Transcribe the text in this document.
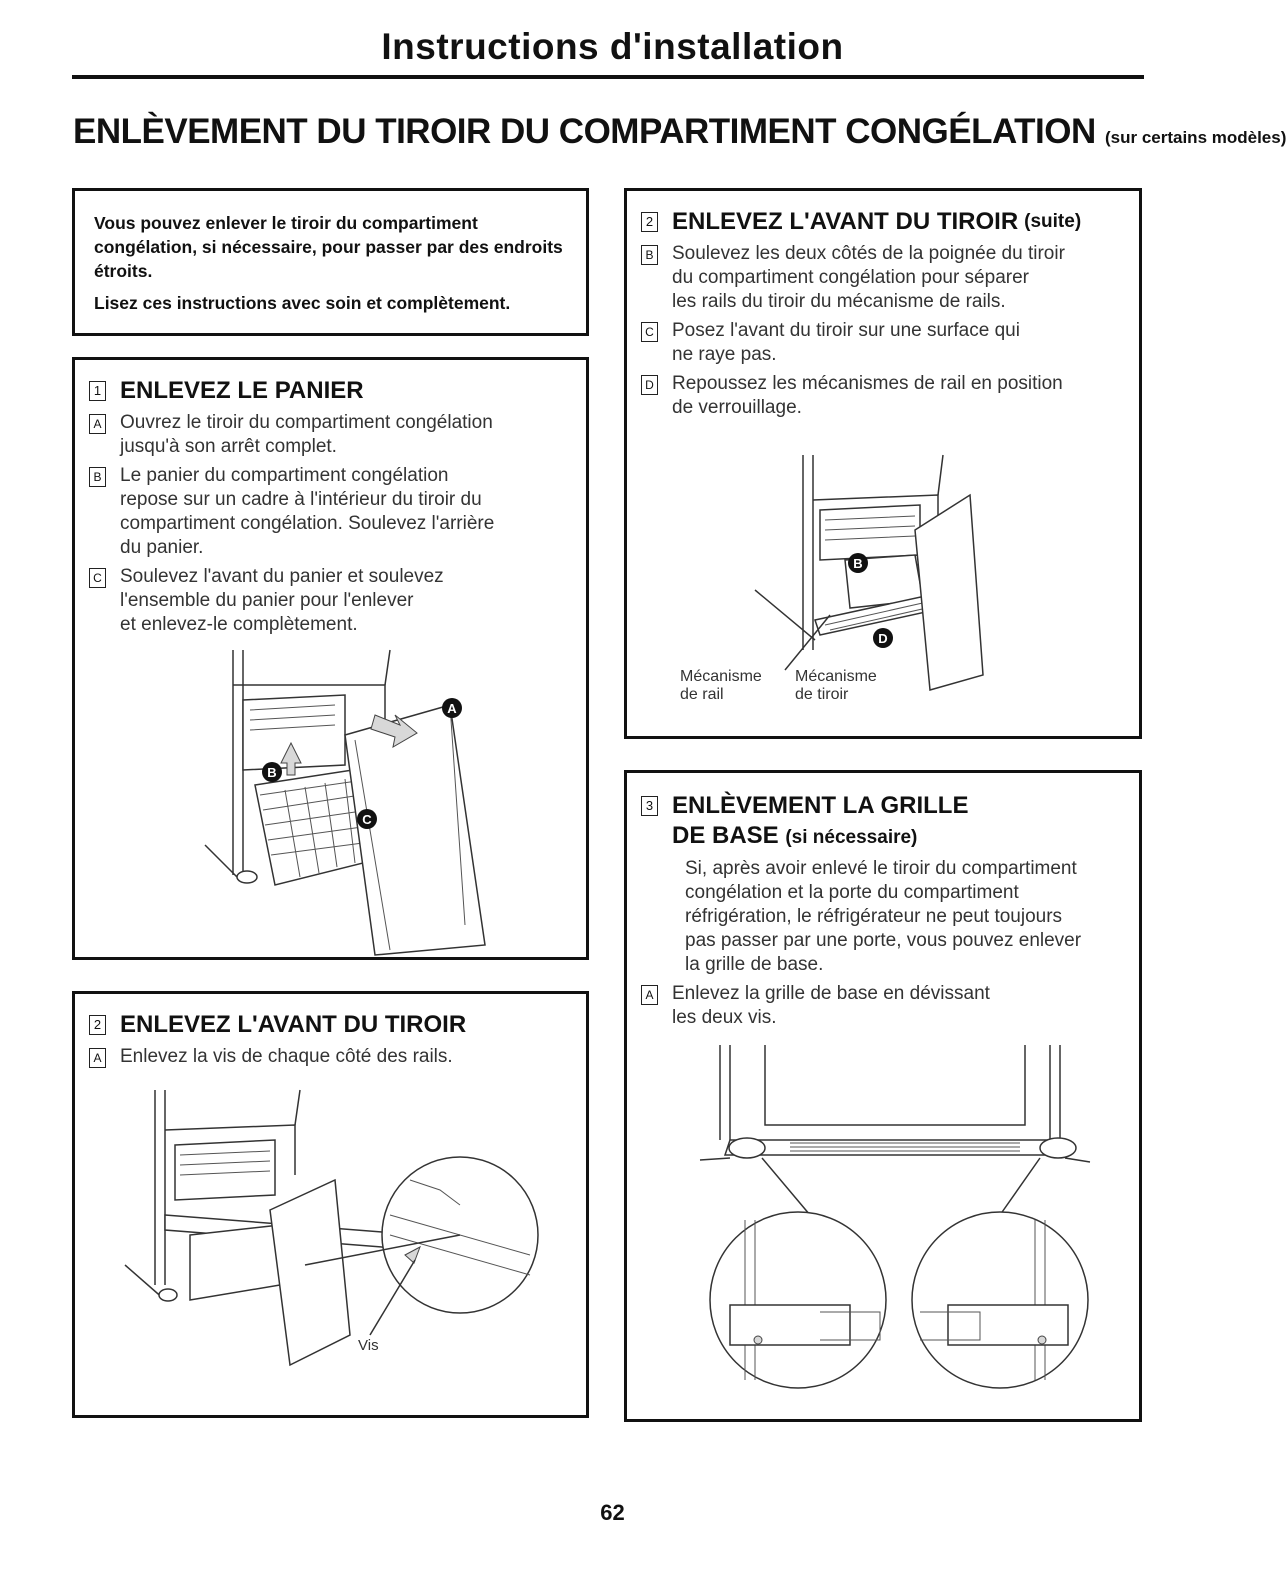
Instructions d'installation
ENLÈVEMENT DU TIROIR DU COMPARTIMENT CONGÉLATION (sur certains modèles)

Vous pouvez enlever le tiroir du compartiment congélation, si nécessaire, pour passer par des endroits étroits.

Lisez ces instructions avec soin et complètement.

1 ENLEVEZ LE PANIER
A Ouvrez le tiroir du compartiment congélation
jusqu'à son arrêt complet.
B Le panier du compartiment congélation
repose sur un cadre à l'intérieur du tiroir du
compartiment congélation. Soulevez l'arrière
du panier.
C Soulevez l'avant du panier et soulevez
l'ensemble du panier pour l'enlever
et enlevez-le complètement.
A
B
C
2 ENLEVEZ L'AVANT DU TIROIR
A Enlevez la vis de chaque côté des rails.
Vis
2 ENLEVEZ L'AVANT DU TIROIR (suite)
B Soulevez les deux côtés de la poignée du tiroir
du compartiment congélation pour séparer
les rails du tiroir du mécanisme de rails.
C Posez l'avant du tiroir sur une surface qui
ne raye pas.
D Repoussez les mécanismes de rail en position
de verrouillage.
B
D
Mécanisme
de rail
Mécanisme
de tiroir
3 ENLÈVEMENT LA GRILLE
DE BASE (si nécessaire)
Si, après avoir enlevé le tiroir du compartiment
congélation et la porte du compartiment
réfrigération, le réfrigérateur ne peut toujours
pas passer par une porte, vous pouvez enlever
la grille de base.
A Enlevez la grille de base en dévissant
les deux vis.
62
